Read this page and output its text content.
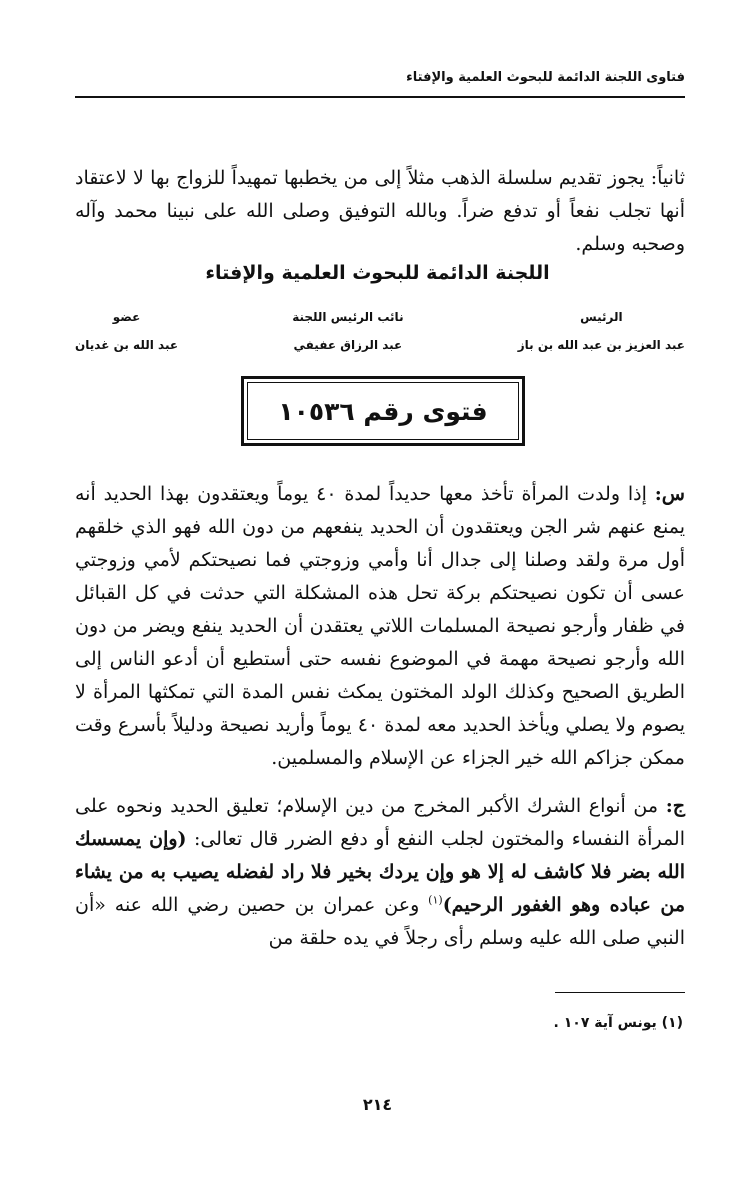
فتاوى اللجنة الدائمة للبحوث العلمية والإفتاء

ثانياً: يجوز تقديم سلسلة الذهب مثلاً إلى من يخطبها تمهيداً للزواج بها لا لاعتقاد أنها تجلب نفعاً أو تدفع ضراً. وبالله التوفيق وصلى الله على نبينا محمد وآله وصحبه وسلم.

اللجنة الدائمة للبحوث العلمية والإفتاء
الرئيس
عبد العزيز بن عبد الله بن باز
نائب الرئيس اللجنة
عبد الرزاق عفيفي
عضو
عبد الله بن غديان
فتوى رقم ١٠٥٣٦

س: إذا ولدت المرأة تأخذ معها حديداً لمدة ٤٠ يوماً ويعتقدون بهذا الحديد أنه يمنع عنهم شر الجن ويعتقدون أن الحديد ينفعهم من دون الله فهو الذي خلقهم أول مرة ولقد وصلنا إلى جدال أنا وأمي وزوجتي فما نصيحتكم لأمي وزوجتي عسى أن تكون نصيحتكم بركة تحل هذه المشكلة التي حدثت في كل القبائل في ظفار وأرجو نصيحة المسلمات اللاتي يعتقدن أن الحديد ينفع ويضر من دون الله وأرجو نصيحة مهمة في الموضوع نفسه حتى أستطيع أن أدعو الناس إلى الطريق الصحيح وكذلك الولد المختون يمكث نفس المدة التي تمكثها المرأة لا يصوم ولا يصلي ويأخذ الحديد معه لمدة ٤٠ يوماً وأريد نصيحة ودليلاً بأسرع وقت ممكن جزاكم الله خير الجزاء عن الإسلام والمسلمين.

ج: من أنواع الشرك الأكبر المخرج من دين الإسلام؛ تعليق الحديد ونحوه على المرأة النفساء والمختون لجلب النفع أو دفع الضرر قال تعالى: (وإن يمسسك الله بضر فلا كاشف له إلا هو وإن يردك بخير فلا راد لفضله يصيب به من يشاء من عباده وهو الغفور الرحيم)$^{(١)}$ وعن عمران بن حصين رضي الله عنه «أن النبي صلى الله عليه وسلم رأى رجلاً في يده حلقة من

(١) يونس آية ١٠٧ .
٢١٤
